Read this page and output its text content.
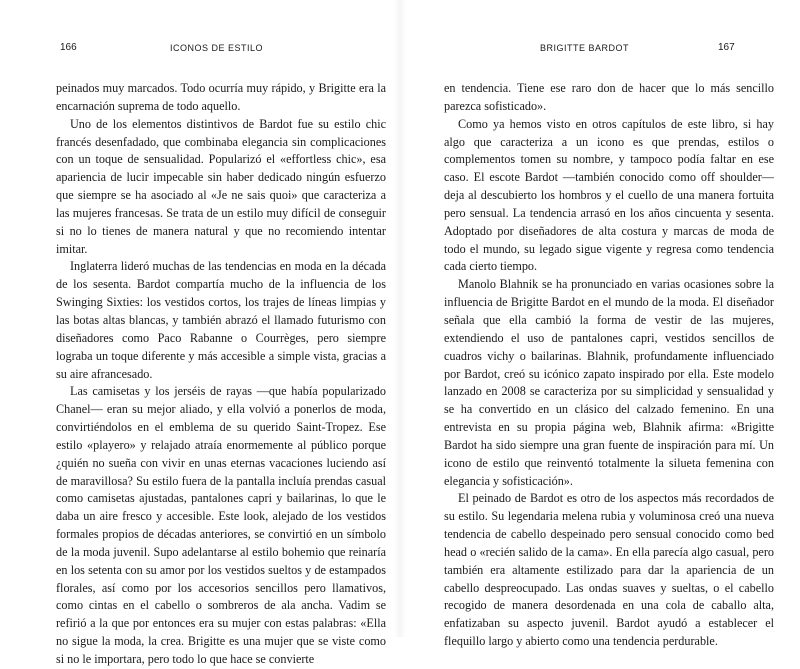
166	ICONOS DE ESTILO

peinados muy marcados. Todo ocurría muy rápido, y Brigitte era la encarnación suprema de todo aquello.

Uno de los elementos distintivos de Bardot fue su estilo chic francés desenfadado, que combinaba elegancia sin complicaciones con un toque de sensualidad. Popularizó el «effortless chic», esa apariencia de lucir impecable sin haber dedicado ningún esfuerzo que siempre se ha asociado al «Je ne sais quoi» que caracteriza a las mujeres francesas. Se trata de un estilo muy difícil de conseguir si no lo tienes de manera natural y que no recomiendo intentar imitar.

Inglaterra lideró muchas de las tendencias en moda en la década de los sesenta. Bardot compartía mucho de la influencia de los Swinging Sixties: los vestidos cortos, los trajes de líneas limpias y las botas altas blancas, y también abrazó el llamado futurismo con diseñadores como Paco Rabanne o Courrèges, pero siempre lograba un toque diferente y más accesible a simple vista, gracias a su aire afrancesado.

Las camisetas y los jerséis de rayas —que había popularizado Chanel— eran su mejor aliado, y ella volvió a ponerlos de moda, convirtiéndolos en el emblema de su querido Saint-Tropez. Ese estilo «playero» y relajado atraía enormemente al público porque ¿quién no sueña con vivir en unas eternas vacaciones luciendo así de maravillosa? Su estilo fuera de la pantalla incluía prendas casual como camisetas ajustadas, pantalones capri y bailarinas, lo que le daba un aire fresco y accesible. Este look, alejado de los vestidos formales propios de décadas anteriores, se convirtió en un símbolo de la moda juvenil. Supo adelantarse al estilo bohemio que reinaría en los setenta con su amor por los vestidos sueltos y de estampados florales, así como por los accesorios sencillos pero llamativos, como cintas en el cabello o sombreros de ala ancha. Vadim se refirió a la que por entonces era su mujer con estas palabras: «Ella no sigue la moda, la crea. Brigitte es una mujer que se viste como si no le importara, pero todo lo que hace se convierte

BRIGITTE BARDOT	167

en tendencia. Tiene ese raro don de hacer que lo más sencillo parezca sofisticado».

Como ya hemos visto en otros capítulos de este libro, si hay algo que caracteriza a un icono es que prendas, estilos o complementos tomen su nombre, y tampoco podía faltar en ese caso. El escote Bardot —también conocido como off shoulder— deja al descubierto los hombros y el cuello de una manera fortuita pero sensual. La tendencia arrasó en los años cincuenta y sesenta. Adoptado por diseñadores de alta costura y marcas de moda de todo el mundo, su legado sigue vigente y regresa como tendencia cada cierto tiempo.

Manolo Blahnik se ha pronunciado en varias ocasiones sobre la influencia de Brigitte Bardot en el mundo de la moda. El diseñador señala que ella cambió la forma de vestir de las mujeres, extendiendo el uso de pantalones capri, vestidos sencillos de cuadros vichy o bailarinas. Blahnik, profundamente influenciado por Bardot, creó su icónico zapato inspirado por ella. Este modelo lanzado en 2008 se caracteriza por su simplicidad y sensualidad y se ha convertido en un clásico del calzado femenino. En una entrevista en su propia página web, Blahnik afirma: «Brigitte Bardot ha sido siempre una gran fuente de inspiración para mí. Un icono de estilo que reinventó totalmente la silueta femenina con elegancia y sofisticación».

El peinado de Bardot es otro de los aspectos más recordados de su estilo. Su legendaria melena rubia y voluminosa creó una nueva tendencia de cabello despeinado pero sensual conocido como bed head o «recién salido de la cama». En ella parecía algo casual, pero también era altamente estilizado para dar la apariencia de un cabello despreocupado. Las ondas suaves y sueltas, o el cabello recogido de manera desordenada en una cola de caballo alta, enfatizaban su aspecto juvenil. Bardot ayudó a establecer el flequillo largo y abierto como una tendencia perdurable.
